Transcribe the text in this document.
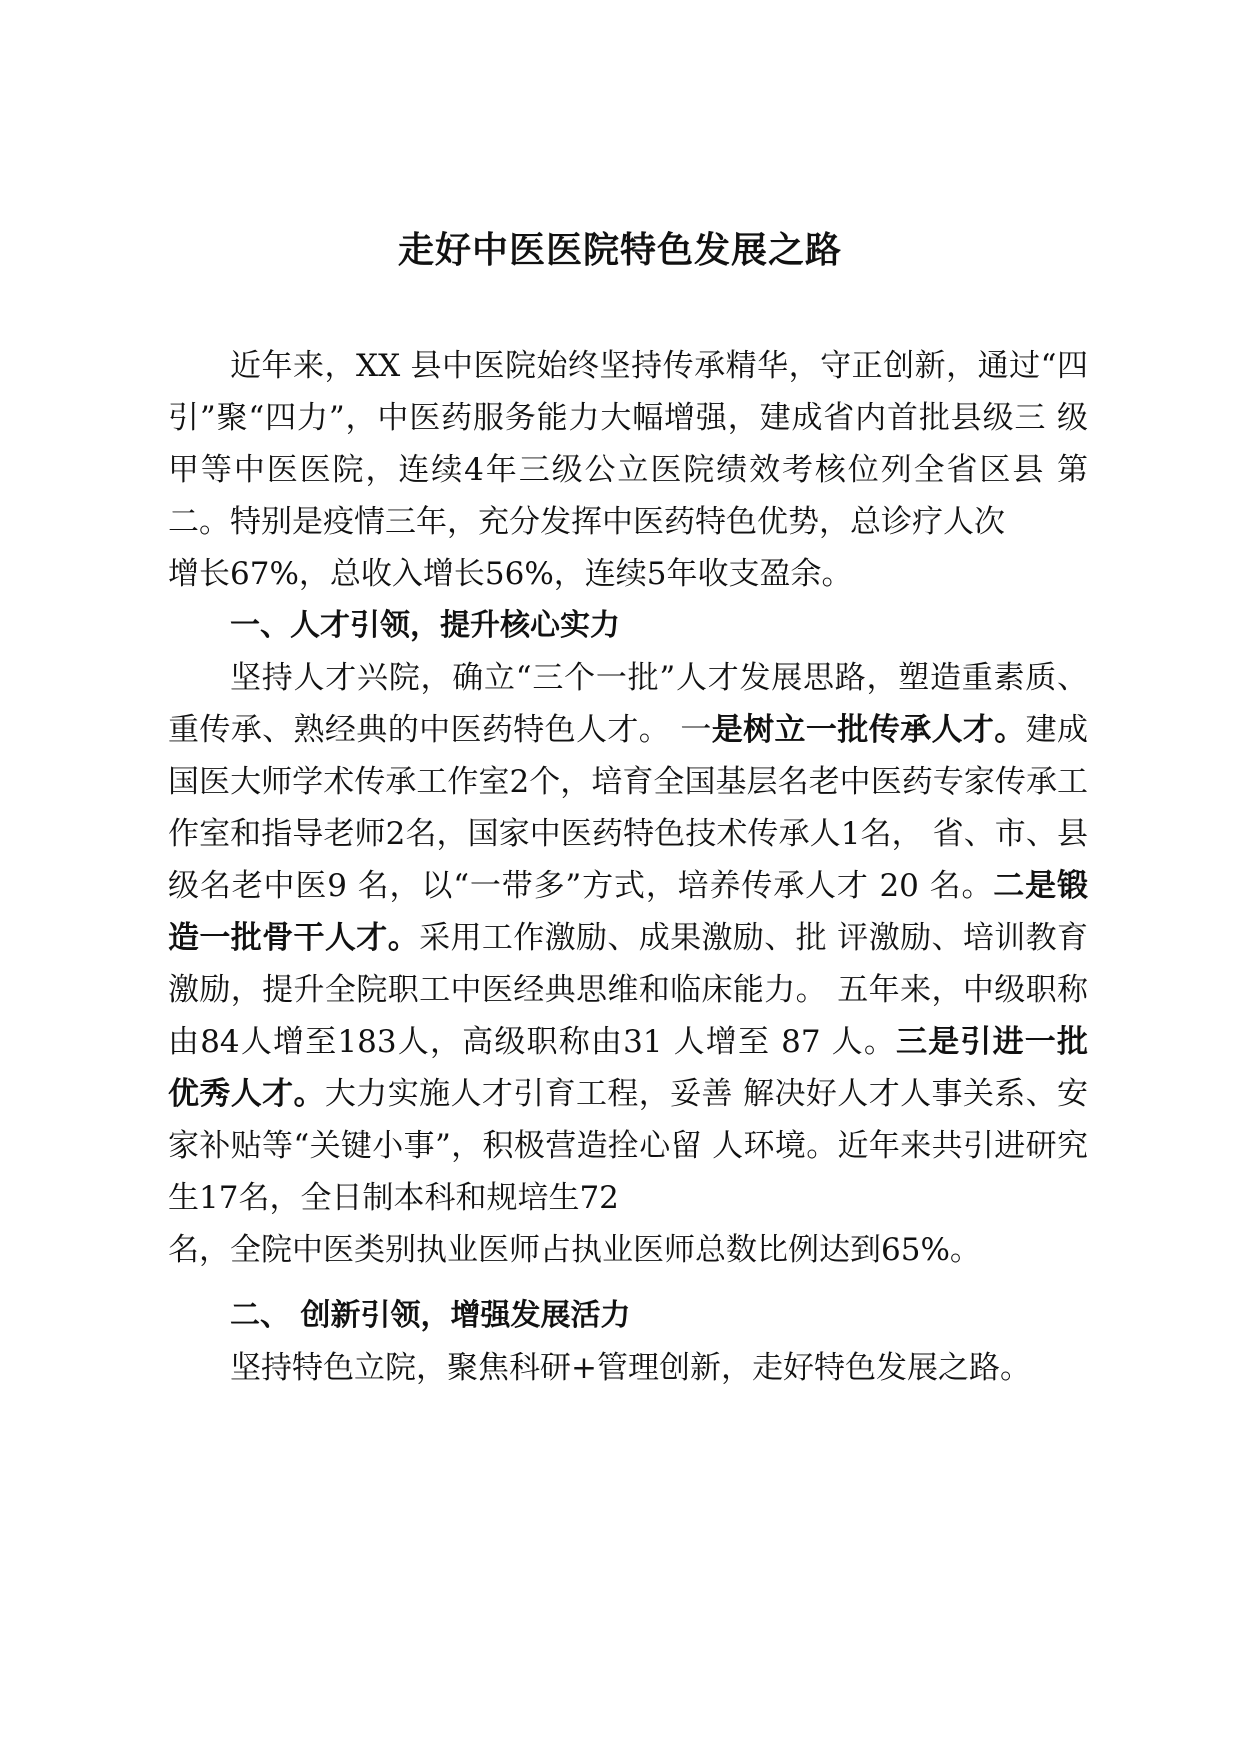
走好中医医院特色发展之路

近年来，XX 县中医院始终坚持传承精华，守正创新，通过“四 引”聚“四力”，中医药服务能力大幅增强，建成省内首批县级三 级甲等中医医院，连续4年三级公立医院绩效考核位列全省区县 第二。特别是疫情三年，充分发挥中医药特色优势，总诊疗人次

增长67%，总收入增长56%，连续5年收支盈余。

一、人才引领，提升核心实力

坚持人才兴院，确立“三个一批”人才发展思路，塑造重素质、重传承、熟经典的中医药特色人才。 一是树立一批传承人才。建成国医大师学术传承工作室2个，培育全国基层名老中医药专家传承工作室和指导老师2名，国家中医药特色技术传承人1名， 省、市、县级名老中医9 名，以“一带多”方式，培养传承人才 20 名。二是锻造一批骨干人才。采用工作激励、成果激励、批 评激励、培训教育激励，提升全院职工中医经典思维和临床能力。 五年来，中级职称由84人增至183人，高级职称由31 人增至 87 人。三是引进一批优秀人才。大力实施人才引育工程，妥善 解决好人才人事关系、安家补贴等“关键小事”，积极营造拴心留 人环境。近年来共引进研究生17名，全日制本科和规培生72

名，全院中医类别执业医师占执业医师总数比例达到65%。

二、 创新引领，增强发展活力

坚持特色立院，聚焦科研+管理创新，走好特色发展之路。
